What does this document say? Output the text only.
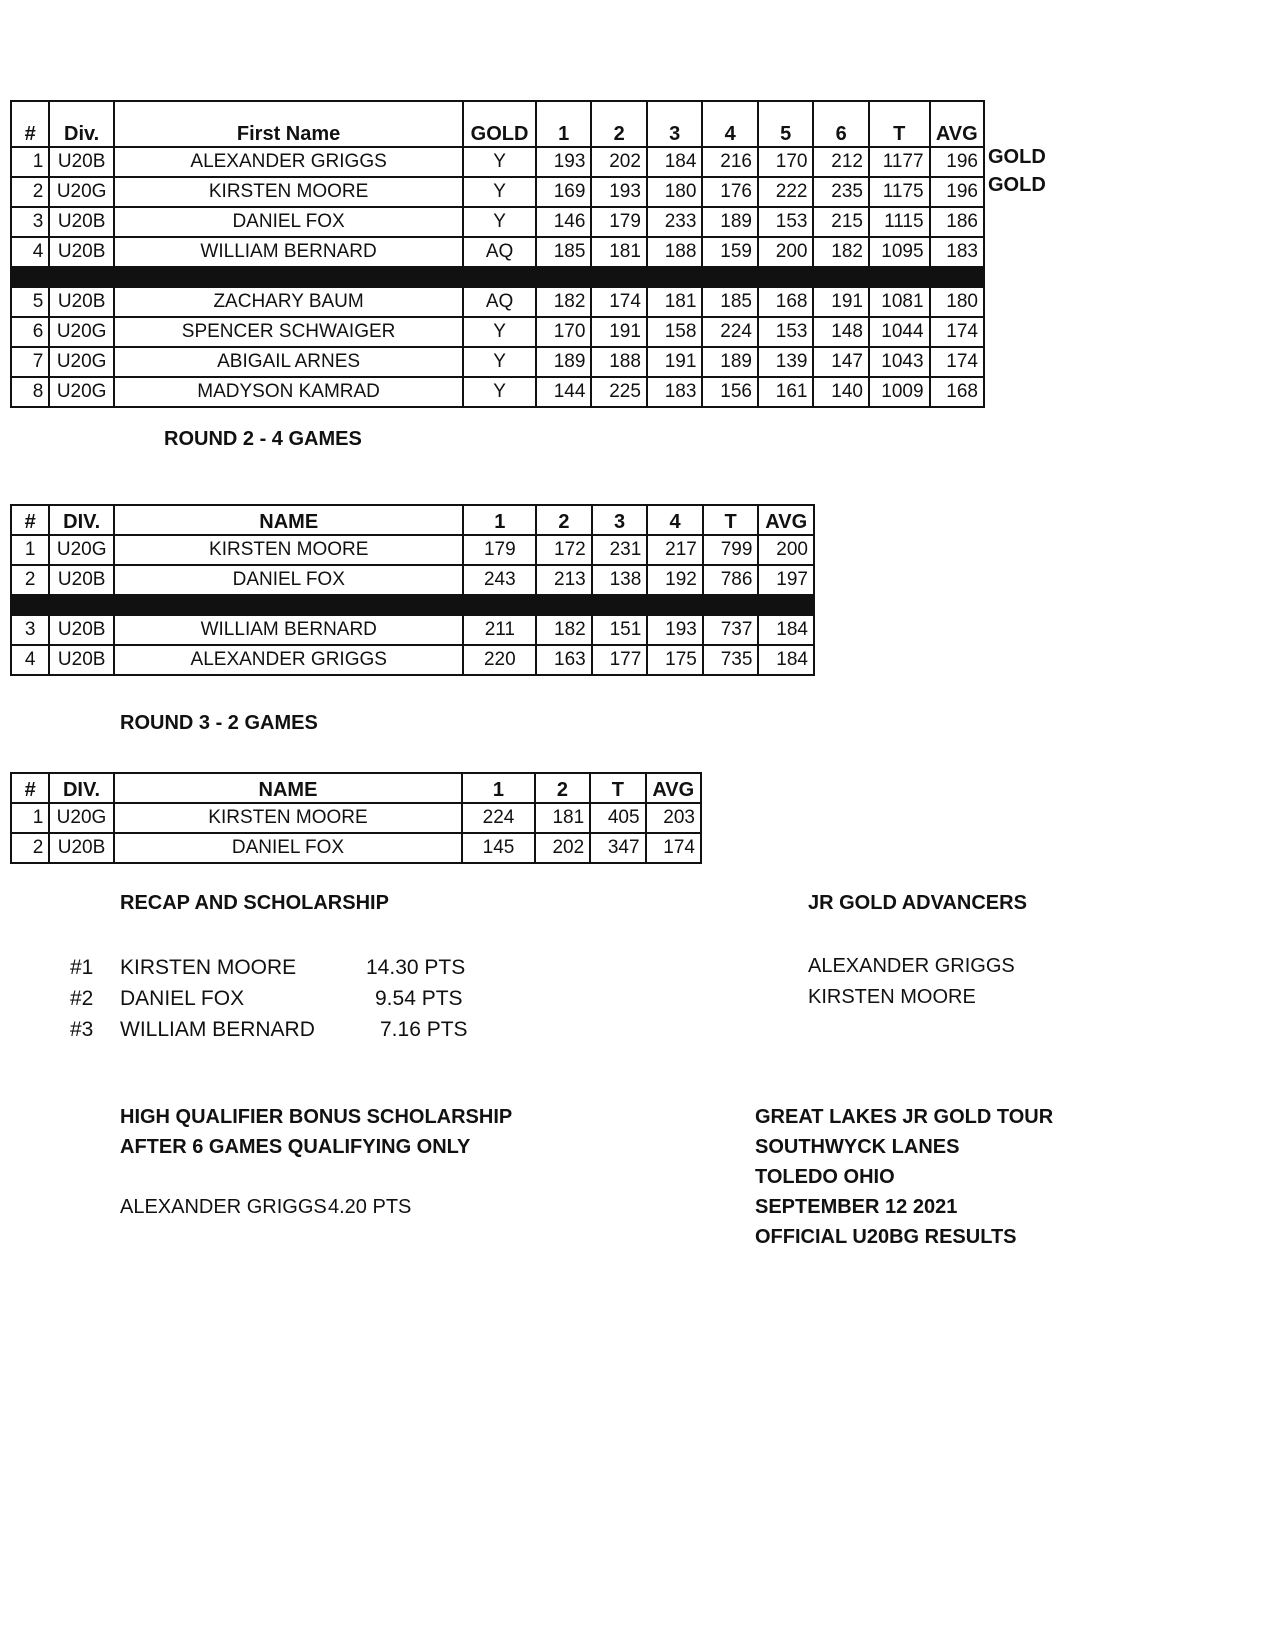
#	Div.	First Name	GOLD	1	2	3	4	5	6	T	AVG
1	U20B	ALEXANDER GRIGGS	Y	193	202	184	216	170	212	1177	196
2	U20G	KIRSTEN MOORE	Y	169	193	180	176	222	235	1175	196
3	U20B	DANIEL FOX	Y	146	179	233	189	153	215	1115	186
4	U20B	WILLIAM BERNARD	AQ	185	181	188	159	200	182	1095	183

5	U20B	ZACHARY BAUM	AQ	182	174	181	185	168	191	1081	180
6	U20G	SPENCER SCHWAIGER	Y	170	191	158	224	153	148	1044	174
7	U20G	ABIGAIL ARNES	Y	189	188	191	189	139	147	1043	174
8	U20G	MADYSON KAMRAD	Y	144	225	183	156	161	140	1009	168
GOLD
GOLD
ROUND 2 - 4 GAMES
#	DIV.	NAME	1	2	3	4	T	AVG
1	U20G	KIRSTEN MOORE	179	172	231	217	799	200
2	U20B	DANIEL FOX	243	213	138	192	786	197

3	U20B	WILLIAM BERNARD	211	182	151	193	737	184
4	U20B	ALEXANDER GRIGGS	220	163	177	175	735	184
ROUND 3 - 2 GAMES
#	DIV.	NAME	1	2	T	AVG
1	U20G	KIRSTEN MOORE	224	181	405	203
2	U20B	DANIEL FOX	145	202	347	174
RECAP AND SCHOLARSHIP
#1 KIRSTEN MOORE	14.30 PTS
#2 DANIEL FOX	9.54 PTS
#3 WILLIAM BERNARD	7.16 PTS
JR GOLD ADVANCERS
ALEXANDER GRIGGS
KIRSTEN MOORE
HIGH QUALIFIER BONUS SCHOLARSHIP
AFTER 6 GAMES QUALIFYING ONLY
ALEXANDER GRIGGS 4.20 PTS
GREAT LAKES JR GOLD TOUR
SOUTHWYCK LANES
TOLEDO OHIO
SEPTEMBER 12 2021
OFFICIAL U20BG RESULTS
